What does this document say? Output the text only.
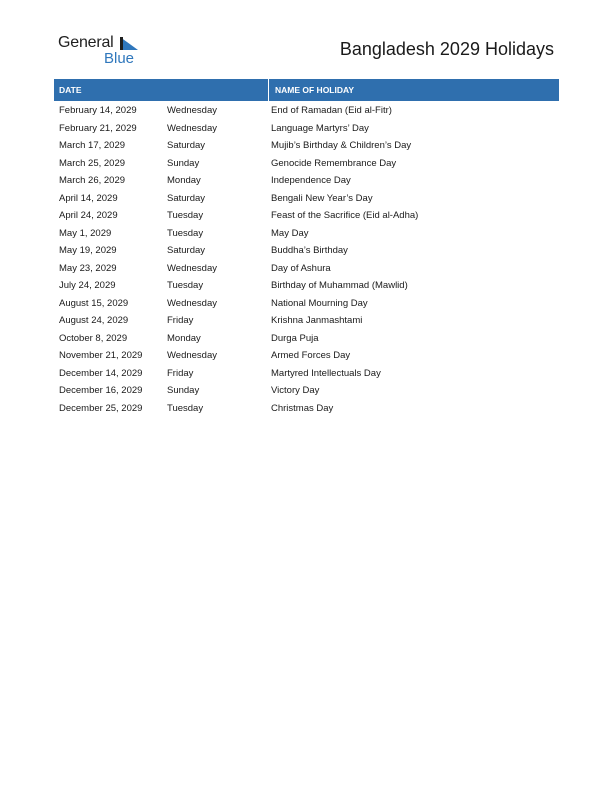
General
Blue	Bangladesh 2029 Holidays
DATE	NAME OF HOLIDAY
February 14, 2029	Wednesday	End of Ramadan (Eid al-Fitr)
February 21, 2029	Wednesday	Language Martyrs’ Day
March 17, 2029	Saturday	Mujib’s Birthday & Children’s Day
March 25, 2029	Sunday	Genocide Remembrance Day
March 26, 2029	Monday	Independence Day
April 14, 2029	Saturday	Bengali New Year’s Day
April 24, 2029	Tuesday	Feast of the Sacrifice (Eid al-Adha)
May 1, 2029	Tuesday	May Day
May 19, 2029	Saturday	Buddha’s Birthday
May 23, 2029	Wednesday	Day of Ashura
July 24, 2029	Tuesday	Birthday of Muhammad (Mawlid)
August 15, 2029	Wednesday	National Mourning Day
August 24, 2029	Friday	Krishna Janmashtami
October 8, 2029	Monday	Durga Puja
November 21, 2029	Wednesday	Armed Forces Day
December 14, 2029	Friday	Martyred Intellectuals Day
December 16, 2029	Sunday	Victory Day
December 25, 2029	Tuesday	Christmas Day
